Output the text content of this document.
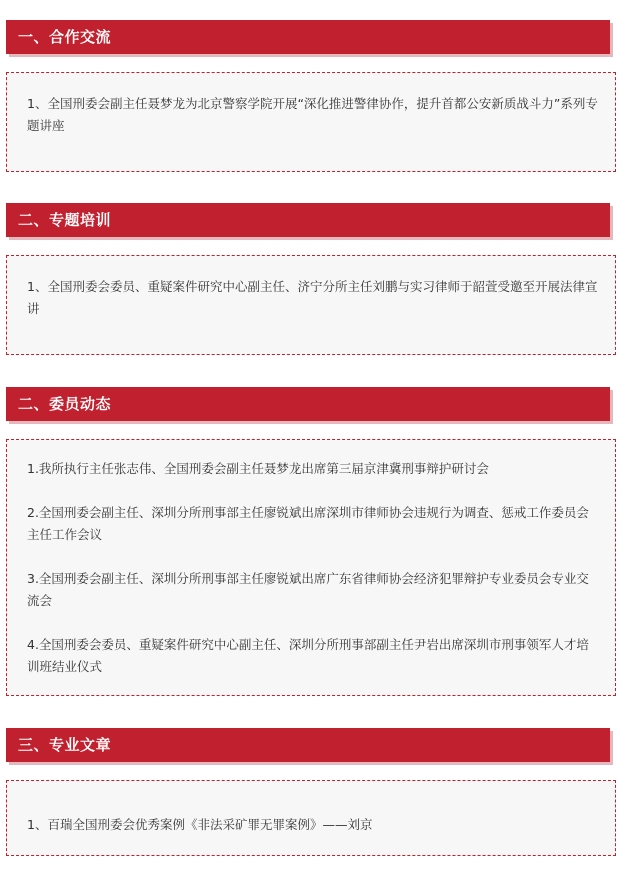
一、合作交流

1、全国刑委会副主任聂梦龙为北京警察学院开展“深化推进警律协作，提升首都公安新质战斗力”系列专题讲座

二、专题培训

1、全国刑委会委员、重疑案件研究中心副主任、济宁分所主任刘鹏与实习律师于韶萱受邀至开展法律宣讲

二、委员动态

1.我所执行主任张志伟、全国刑委会副主任聂梦龙出席第三届京津冀刑事辩护研讨会

2.全国刑委会副主任、深圳分所刑事部主任廖锐斌出席深圳市律师协会违规行为调查、惩戒工作委员会主任工作会议

3.全国刑委会副主任、深圳分所刑事部主任廖锐斌出席广东省律师协会经济犯罪辩护专业委员会专业交流会

4.全国刑委会委员、重疑案件研究中心副主任、深圳分所刑事部副主任尹岩出席深圳市刑事领军人才培训班结业仪式

三、专业文章

1、百瑞全国刑委会优秀案例《非法采矿罪无罪案例》——刘京
